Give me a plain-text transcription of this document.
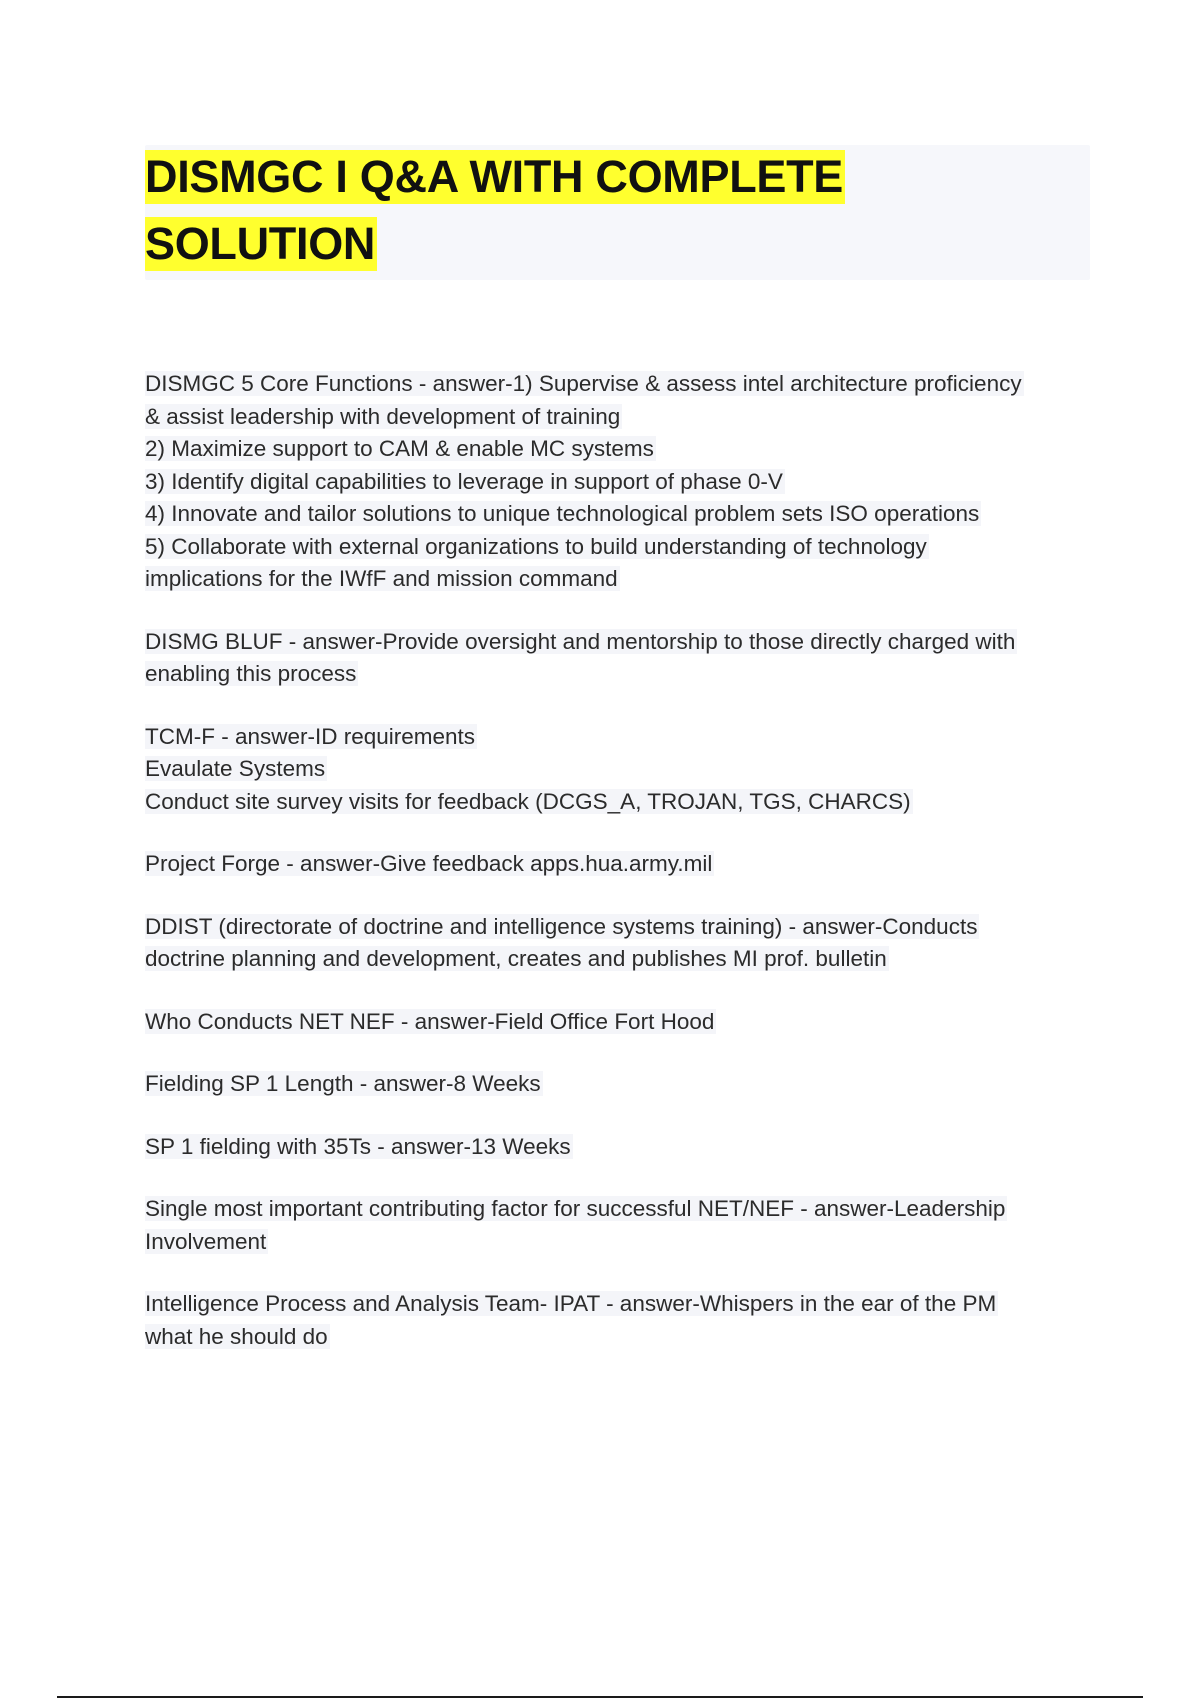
DISMGC I Q&A WITH COMPLETE
SOLUTION
DISMGC 5 Core Functions - answer-1) Supervise & assess intel architecture proficiency
& assist leadership with development of training
2) Maximize support to CAM & enable MC systems
3) Identify digital capabilities to leverage in support of phase 0-V
4) Innovate and tailor solutions to unique technological problem sets ISO operations
5) Collaborate with external organizations to build understanding of technology
implications for the IWfF and mission command
DISMG BLUF - answer-Provide oversight and mentorship to those directly charged with
enabling this process
TCM-F - answer-ID requirements
Evaulate Systems
Conduct site survey visits for feedback (DCGS_A, TROJAN, TGS, CHARCS)
Project Forge - answer-Give feedback apps.hua.army.mil
DDIST (directorate of doctrine and intelligence systems training) - answer-Conducts
doctrine planning and development, creates and publishes MI prof. bulletin
Who Conducts NET NEF - answer-Field Office Fort Hood
Fielding SP 1 Length - answer-8 Weeks
SP 1 fielding with 35Ts - answer-13 Weeks
Single most important contributing factor for successful NET/NEF - answer-Leadership
Involvement
Intelligence Process and Analysis Team- IPAT - answer-Whispers in the ear of the PM
what he should do
